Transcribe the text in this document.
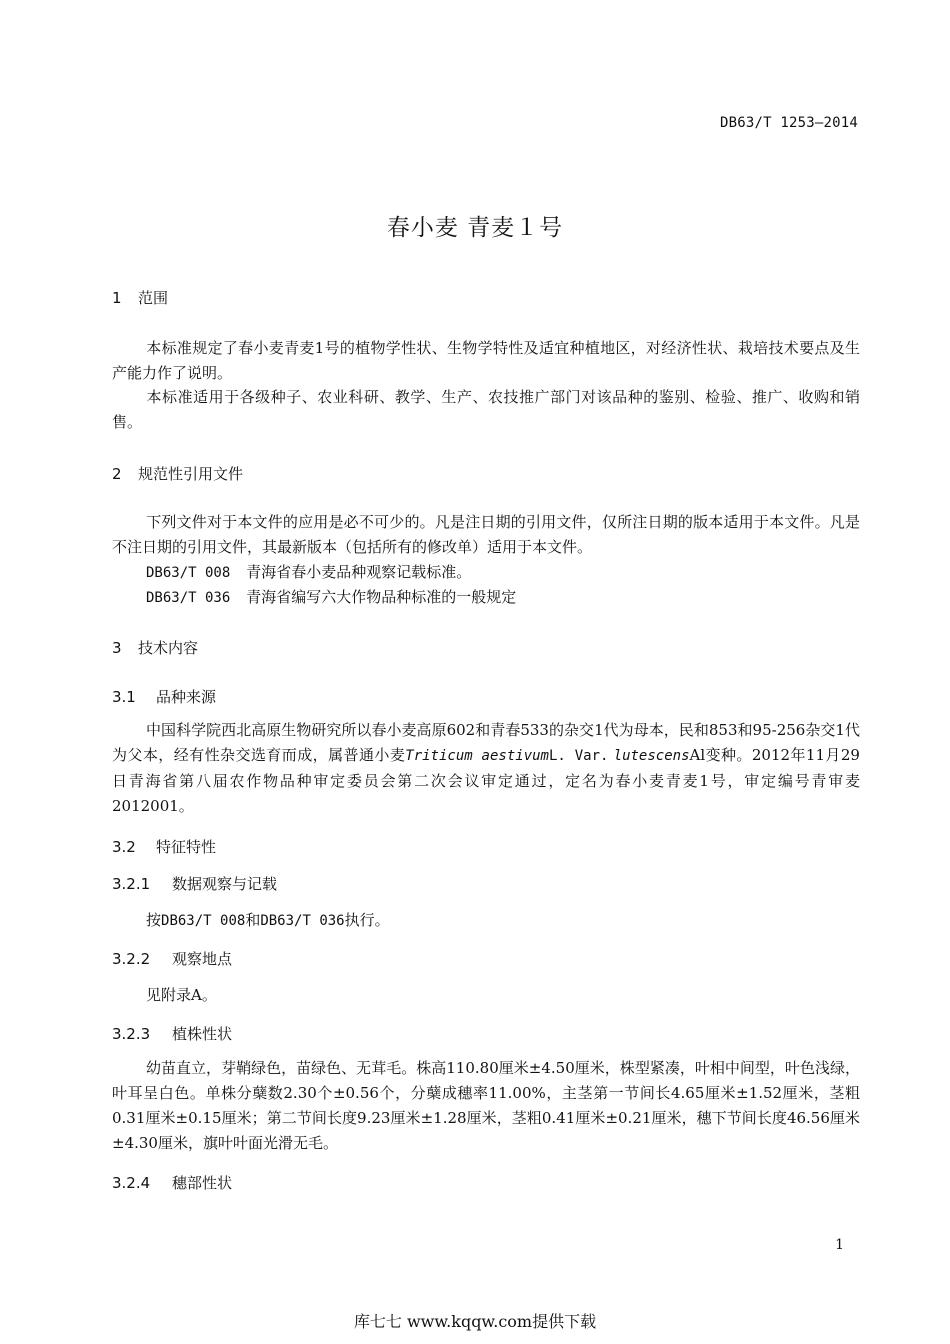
DB63/T 1253—2014
春小麦 青麦１号
1 范围
本标准规定了春小麦青麦1号的植物学性状、生物学特性及适宜种植地区，对经济性状、栽培技术要点及生产能力作了说明。
本标准适用于各级种子、农业科研、教学、生产、农技推广部门对该品种的鉴别、检验、推广、收购和销售。
2 规范性引用文件
下列文件对于本文件的应用是必不可少的。凡是注日期的引用文件，仅所注日期的版本适用于本文件。凡是不注日期的引用文件，其最新版本（包括所有的修改单）适用于本文件。
DB63/T 008 青海省春小麦品种观察记载标准。
DB63/T 036 青海省编写六大作物品种标准的一般规定
3 技术内容
3.1 品种来源
中国科学院西北高原生物研究所以春小麦高原602和青春533的杂交1代为母本，民和853和95-256杂交1代为父本，经有性杂交选育而成，属普通小麦Triticum aestivumL. Var. lutescensAl变种。2012年11月29日青海省第八届农作物品种审定委员会第二次会议审定通过，定名为春小麦青麦1号，审定编号青审麦2012001。
3.2 特征特性
3.2.1 数据观察与记载
按DB63/T 008和DB63/T 036执行。
3.2.2 观察地点
见附录A。
3.2.3 植株性状
幼苗直立，芽鞘绿色，苗绿色、无茸毛。株高110.80厘米±4.50厘米，株型紧凑，叶相中间型，叶色浅绿，叶耳呈白色。单株分蘖数2.30个±0.56个，分蘖成穗率11.00%，主茎第一节间长4.65厘米±1.52厘米，茎粗0.31厘米±0.15厘米；第二节间长度9.23厘米±1.28厘米，茎粗0.41厘米±0.21厘米，穗下节间长度46.56厘米±4.30厘米，旗叶叶面光滑无毛。
3.2.4 穗部性状
1
库七七 www.kqqw.com提供下载
